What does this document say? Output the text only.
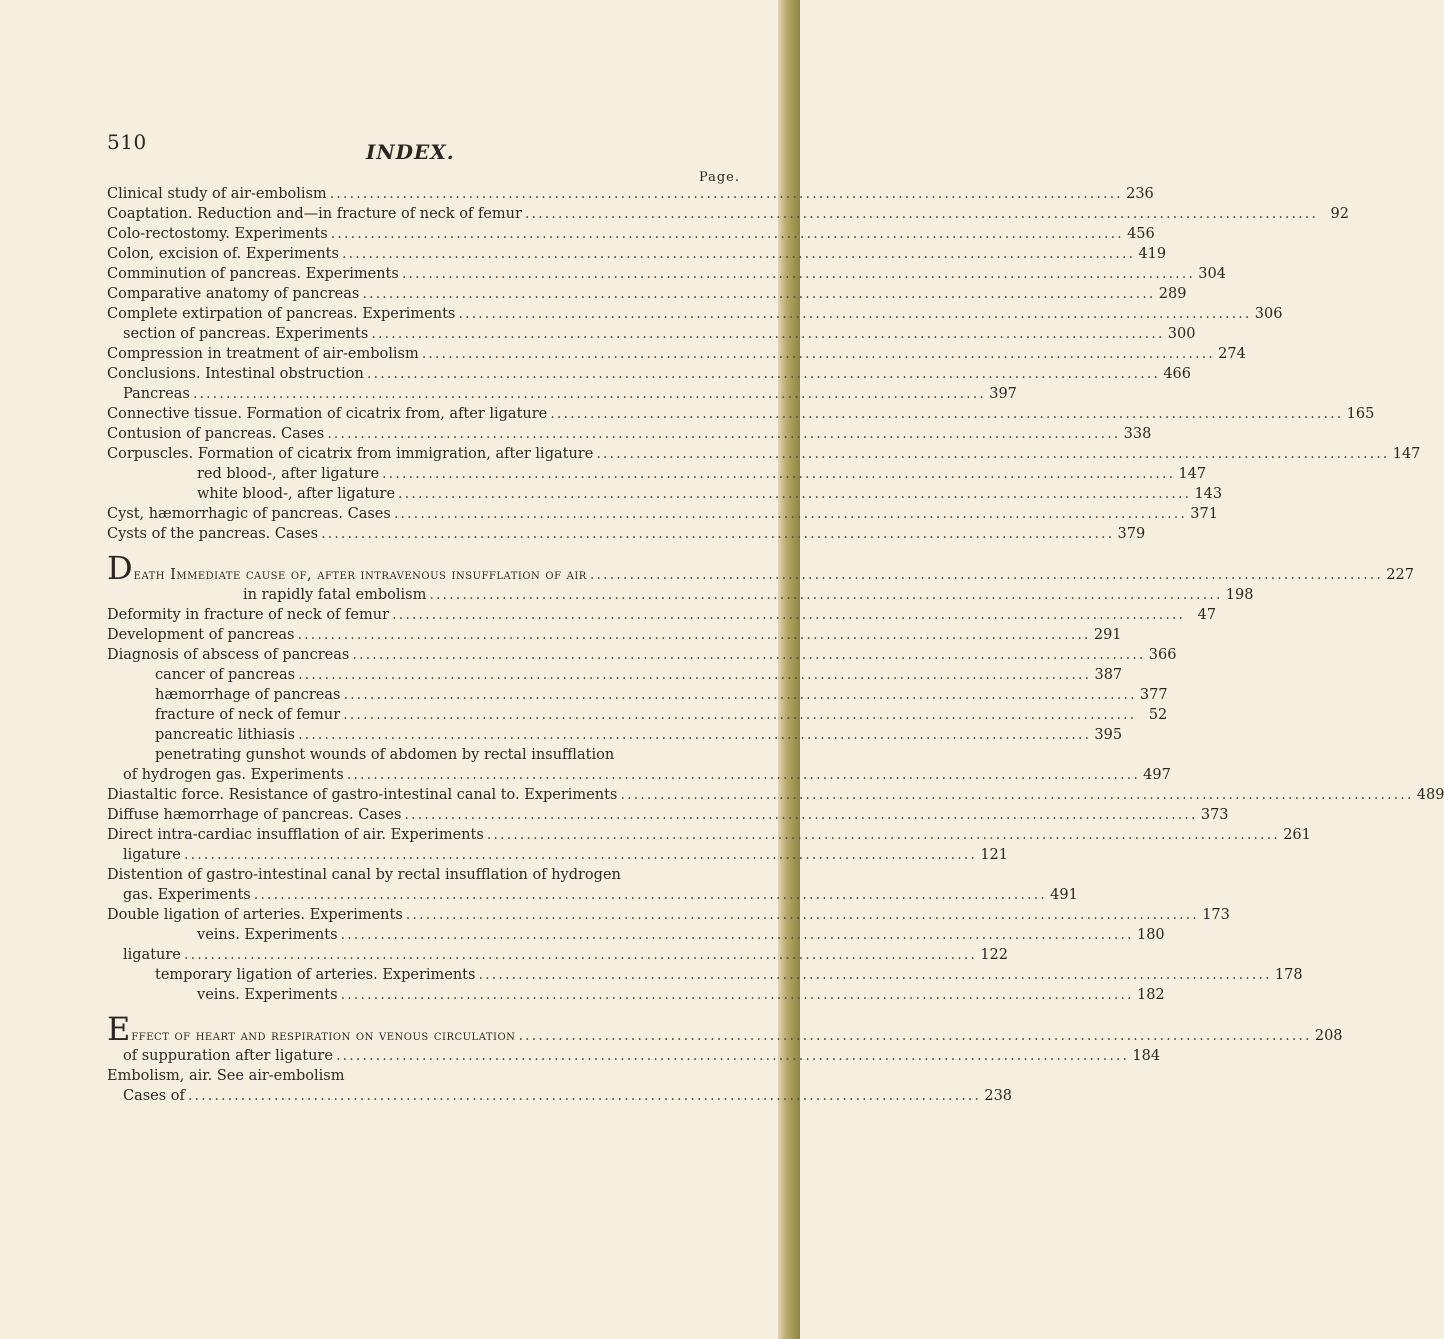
510	INDEX.
Page.
Clinical study of air-embolism ........................................................................................................................ 236
Coaptation. Reduction and—in fracture of neck of femur ........................................................................................................................ 92
Colo-rectostomy. Experiments ........................................................................................................................ 456
Colon, excision of. Experiments ........................................................................................................................ 419
Comminution of pancreas. Experiments ........................................................................................................................ 304
Comparative anatomy of pancreas ........................................................................................................................ 289
Complete extirpation of pancreas. Experiments ........................................................................................................................ 306
section of pancreas. Experiments ........................................................................................................................ 300
Compression in treatment of air-embolism ........................................................................................................................ 274
Conclusions. Intestinal obstruction ........................................................................................................................ 466
Pancreas ........................................................................................................................ 397
Connective tissue. Formation of cicatrix from, after ligature ........................................................................................................................ 165
Contusion of pancreas. Cases ........................................................................................................................ 338
Corpuscles. Formation of cicatrix from immigration, after ligature ........................................................................................................................ 147
red blood-, after ligature ........................................................................................................................ 147
white blood-, after ligature ........................................................................................................................ 143
Cyst, hæmorrhagic of pancreas. Cases ........................................................................................................................ 371
Cysts of the pancreas. Cases ........................................................................................................................ 379
Death Immediate cause of, after intravenous insufflation of air ........................................................................................................................ 227
in rapidly fatal embolism ........................................................................................................................ 198
Deformity in fracture of neck of femur ........................................................................................................................ 47
Development of pancreas ........................................................................................................................ 291
Diagnosis of abscess of pancreas ........................................................................................................................ 366
cancer of pancreas ........................................................................................................................ 387
hæmorrhage of pancreas ........................................................................................................................ 377
fracture of neck of femur ........................................................................................................................ 52
pancreatic lithiasis ........................................................................................................................ 395
penetrating gunshot wounds of abdomen by rectal insufflation
of hydrogen gas. Experiments ........................................................................................................................ 497
Diastaltic force. Resistance of gastro-intestinal canal to. Experiments ........................................................................................................................ 489
Diffuse hæmorrhage of pancreas. Cases ........................................................................................................................ 373
Direct intra-cardiac insufflation of air. Experiments ........................................................................................................................ 261
ligature ........................................................................................................................ 121
Distention of gastro-intestinal canal by rectal insufflation of hydrogen
gas. Experiments ........................................................................................................................ 491
Double ligation of arteries. Experiments ........................................................................................................................ 173
veins. Experiments ........................................................................................................................ 180
ligature ........................................................................................................................ 122
temporary ligation of arteries. Experiments ........................................................................................................................ 178
veins. Experiments ........................................................................................................................ 182
Effect of heart and respiration on venous circulation ........................................................................................................................ 208
of suppuration after ligature ........................................................................................................................ 184
Embolism, air. See air-embolism
Cases of ........................................................................................................................ 238
